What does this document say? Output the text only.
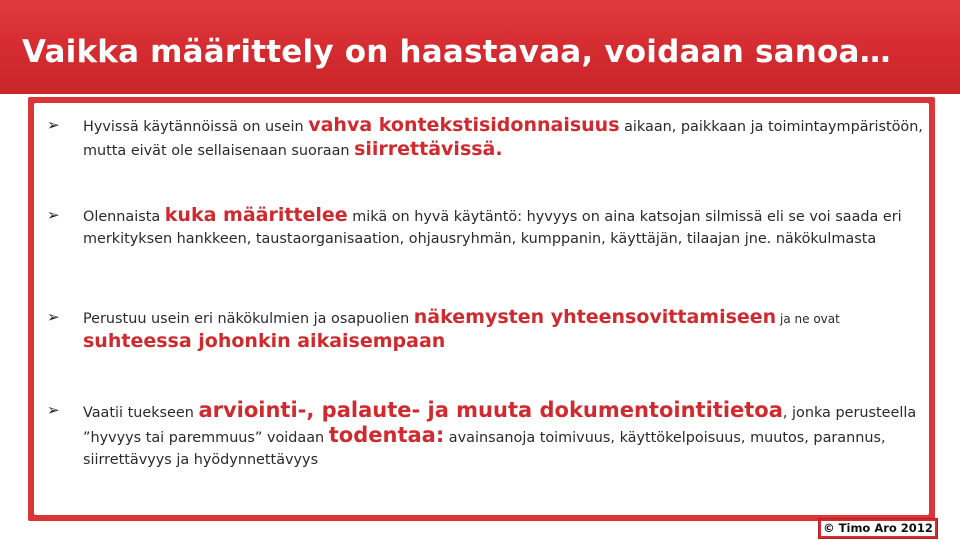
Vaikka määrittely on haastavaa, voidaan sanoa…
➢ Hyvissä käytännöissä on usein vahva kontekstisidonnaisuus aikaan, paikkaan ja toimintaympäristöön, mutta eivät ole sellaisenaan suoraan siirrettävissä.
➢ Olennaista kuka määrittelee mikä on hyvä käytäntö: hyvyys on aina katsojan silmissä eli se voi saada eri merkityksen hankkeen, taustaorganisaation, ohjausryhmän, kumppanin, käyttäjän, tilaajan jne. näkökulmasta
➢ Perustuu usein eri näkökulmien ja osapuolien näkemysten yhteensovittamiseen ja ne ovat suhteessa johonkin aikaisempaan
➢ Vaatii tuekseen arviointi-, palaute- ja muuta dokumentointitietoa, jonka perusteella ”hyvyys tai paremmuus” voidaan todentaa: avainsanoja toimivuus, käyttökelpoisuus, muutos, parannus, siirrettävyys ja hyödynnettävyys
© Timo Aro 2012
